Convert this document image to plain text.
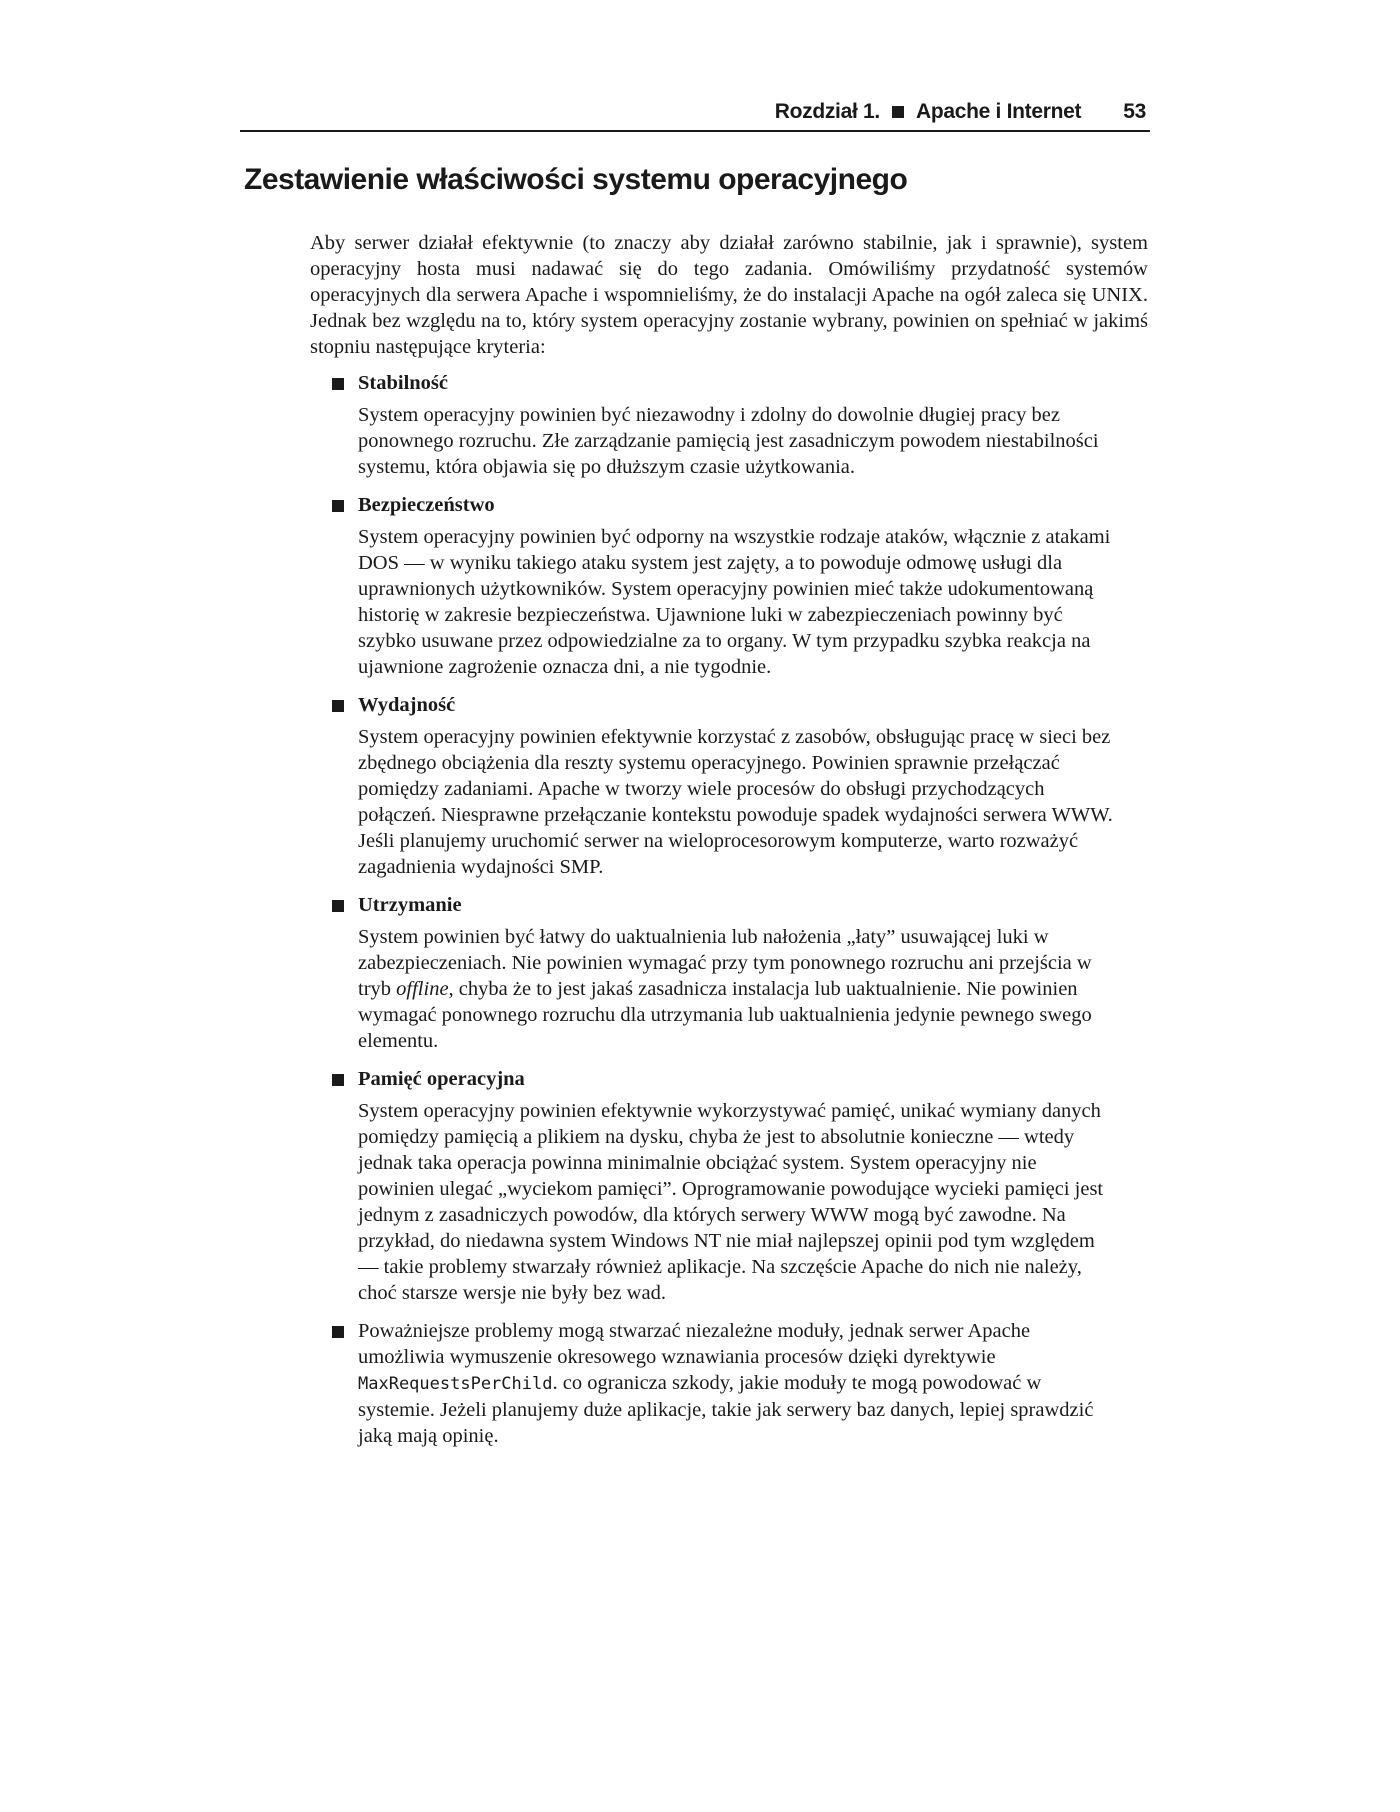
Rozdział 1. Apache i Internet 53
Zestawienie właściwości systemu operacyjnego

Aby serwer działał efektywnie (to znaczy aby działał zarówno stabilnie, jak i sprawnie), system operacyjny hosta musi nadawać się do tego zadania. Omówiliśmy przydatność systemów operacyjnych dla serwera Apache i wspomnieliśmy, że do instalacji Apache na ogół zaleca się UNIX. Jednak bez względu na to, który system operacyjny zostanie wybrany, powinien on spełniać w jakimś stopniu następujące kryteria:

Stabilność

System operacyjny powinien być niezawodny i zdolny do dowolnie długiej pracy bez ponownego rozruchu. Złe zarządzanie pamięcią jest zasadniczym powodem niestabilności systemu, która objawia się po dłuższym czasie użytkowania.

Bezpieczeństwo

System operacyjny powinien być odporny na wszystkie rodzaje ataków, włącznie z atakami DOS — w wyniku takiego ataku system jest zajęty, a to powoduje odmowę usługi dla uprawnionych użytkowników. System operacyjny powinien mieć także udokumentowaną historię w zakresie bezpieczeństwa. Ujawnione luki w zabezpieczeniach powinny być szybko usuwane przez odpowiedzialne za to organy. W tym przypadku szybka reakcja na ujawnione zagrożenie oznacza dni, a nie tygodnie.

Wydajność

System operacyjny powinien efektywnie korzystać z zasobów, obsługując pracę w sieci bez zbędnego obciążenia dla reszty systemu operacyjnego. Powinien sprawnie przełączać pomiędzy zadaniami. Apache w tworzy wiele procesów do obsługi przychodzących połączeń. Niesprawne przełączanie kontekstu powoduje spadek wydajności serwera WWW. Jeśli planujemy uruchomić serwer na wieloprocesorowym komputerze, warto rozważyć zagadnienia wydajności SMP.

Utrzymanie

System powinien być łatwy do uaktualnienia lub nałożenia „łaty” usuwającej luki w zabezpieczeniach. Nie powinien wymagać przy tym ponownego rozruchu ani przejścia w tryb offline, chyba że to jest jakaś zasadnicza instalacja lub uaktualnienie. Nie powinien wymagać ponownego rozruchu dla utrzymania lub uaktualnienia jedynie pewnego swego elementu.

Pamięć operacyjna

System operacyjny powinien efektywnie wykorzystywać pamięć, unikać wymiany danych pomiędzy pamięcią a plikiem na dysku, chyba że jest to absolutnie konieczne — wtedy jednak taka operacja powinna minimalnie obciążać system. System operacyjny nie powinien ulegać „wyciekom pamięci”. Oprogramowanie powodujące wycieki pamięci jest jednym z zasadniczych powodów, dla których serwery WWW mogą być zawodne. Na przykład, do niedawna system Windows NT nie miał najlepszej opinii pod tym względem — takie problemy stwarzały również aplikacje. Na szczęście Apache do nich nie należy, choć starsze wersje nie były bez wad.

Poważniejsze problemy mogą stwarzać niezależne moduły, jednak serwer Apache umożliwia wymuszenie okresowego wznawiania procesów dzięki dyrektywie MaxRequestsPerChild. co ogranicza szkody, jakie moduły te mogą powodować w systemie. Jeżeli planujemy duże aplikacje, takie jak serwery baz danych, lepiej sprawdzić jaką mają opinię.
